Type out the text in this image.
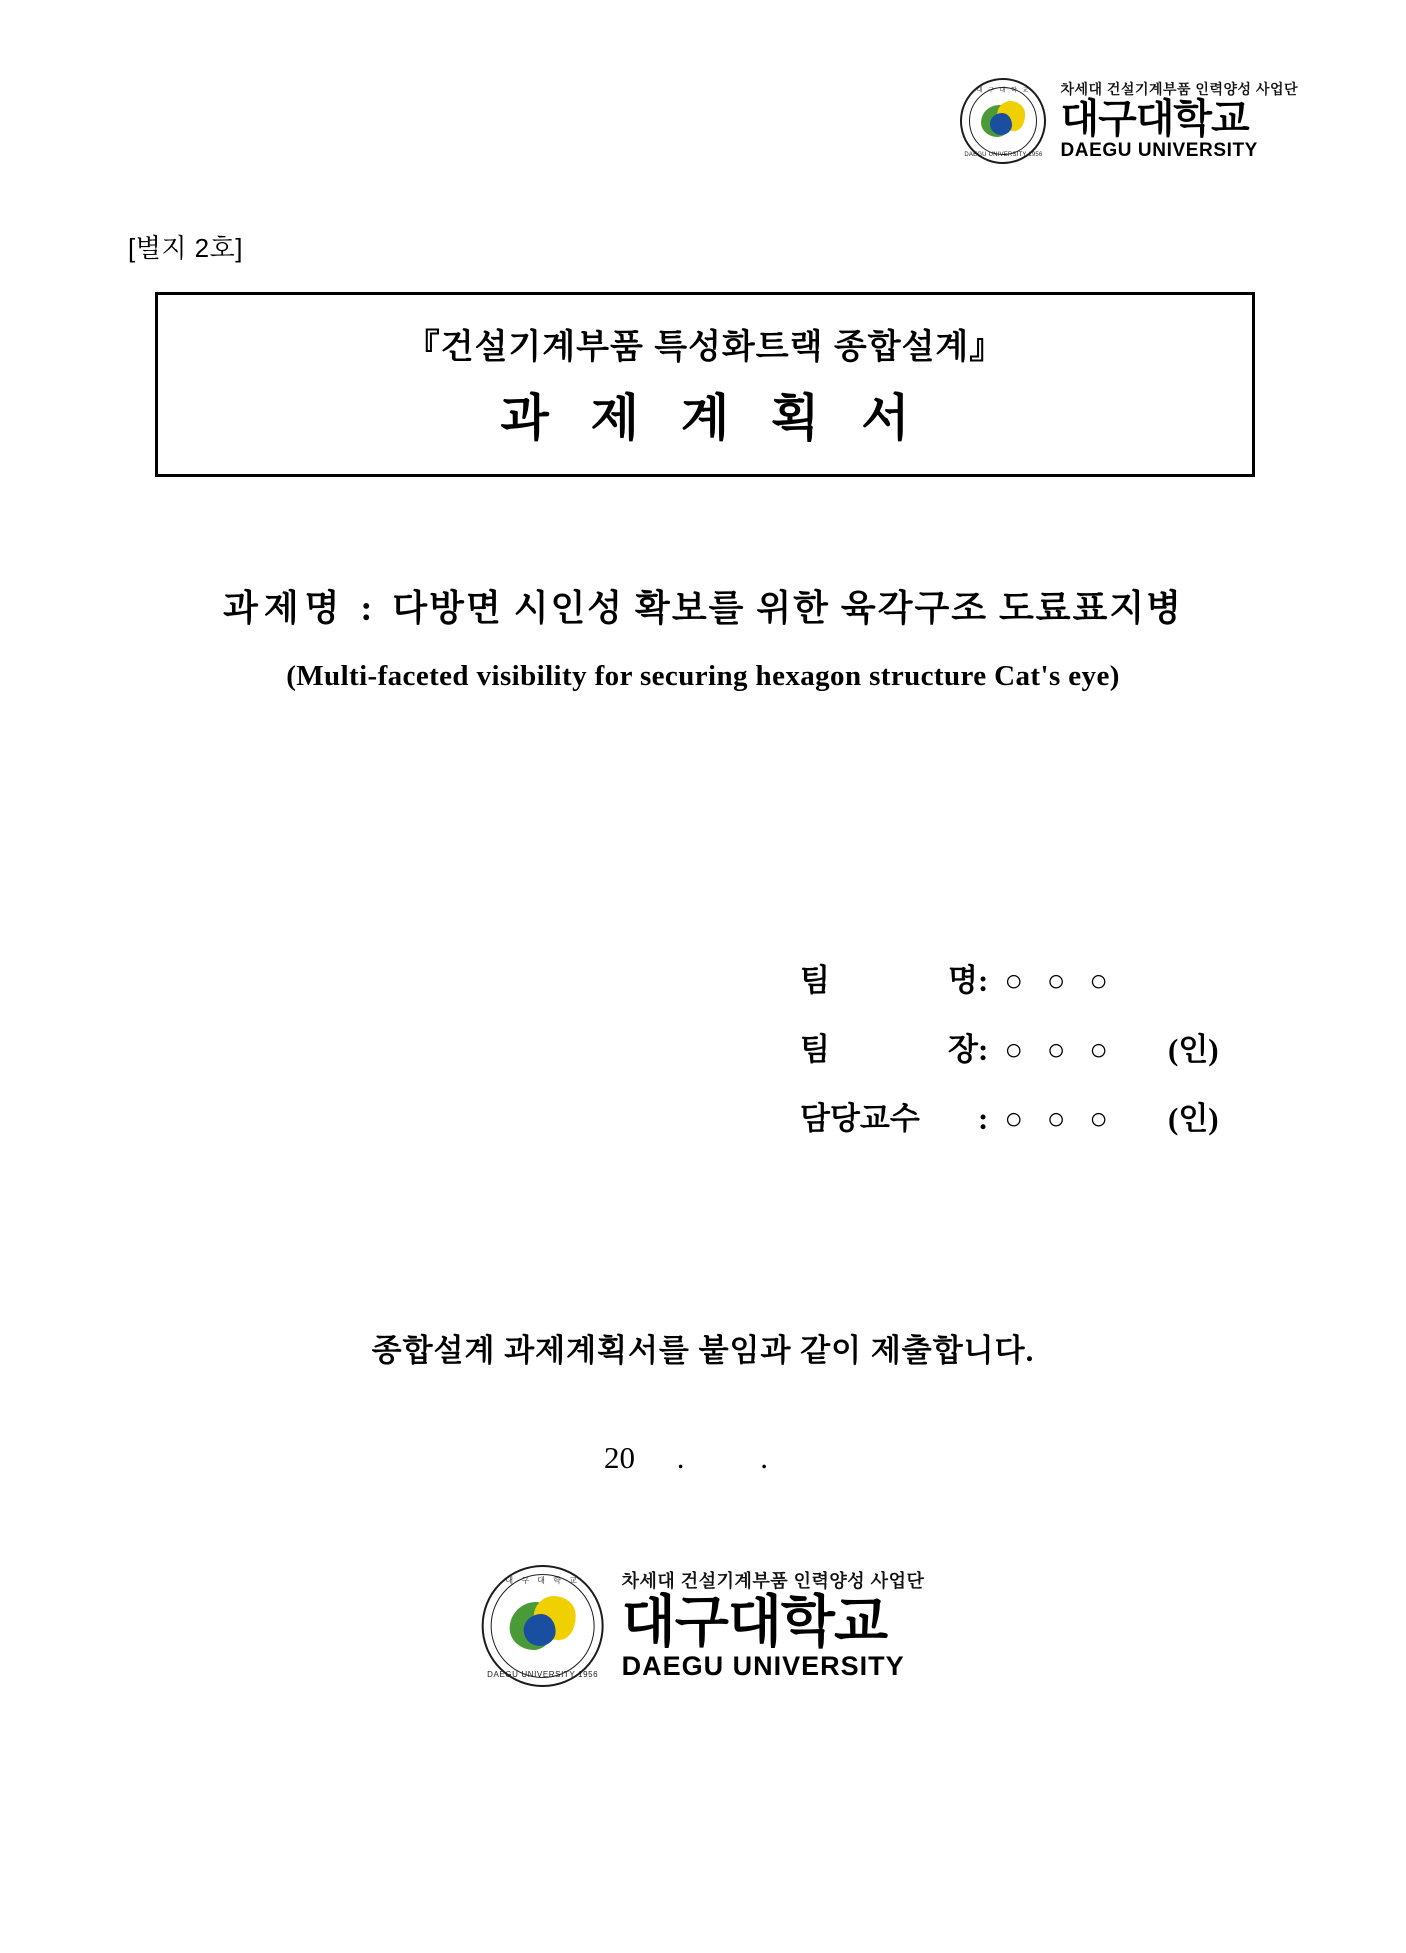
대 구 대 학 교
DAEGU UNIVERSITY 1956
차세대 건설기계부품 인력양성 사업단
대구대학교
DAEGU UNIVERSITY
[별지 2호]
『건설기계부품 특성화트랙 종합설계』
과 제 계 획 서
과제명 : 다방면 시인성 확보를 위한 육각구조 도료표지병
(Multi-faceted visibility for securing hexagon structure Cat's eye)
팀 명 : ○ ○ ○
팀 장 : ○ ○ ○ (인)
담당교수	: ○ ○ ○ (인)
종합설계 과제계획서를 붙임과 같이 제출합니다.
20 . .
대 구 대 학 교
DAEGU UNIVERSITY 1956
차세대 건설기계부품 인력양성 사업단
대구대학교
DAEGU UNIVERSITY
